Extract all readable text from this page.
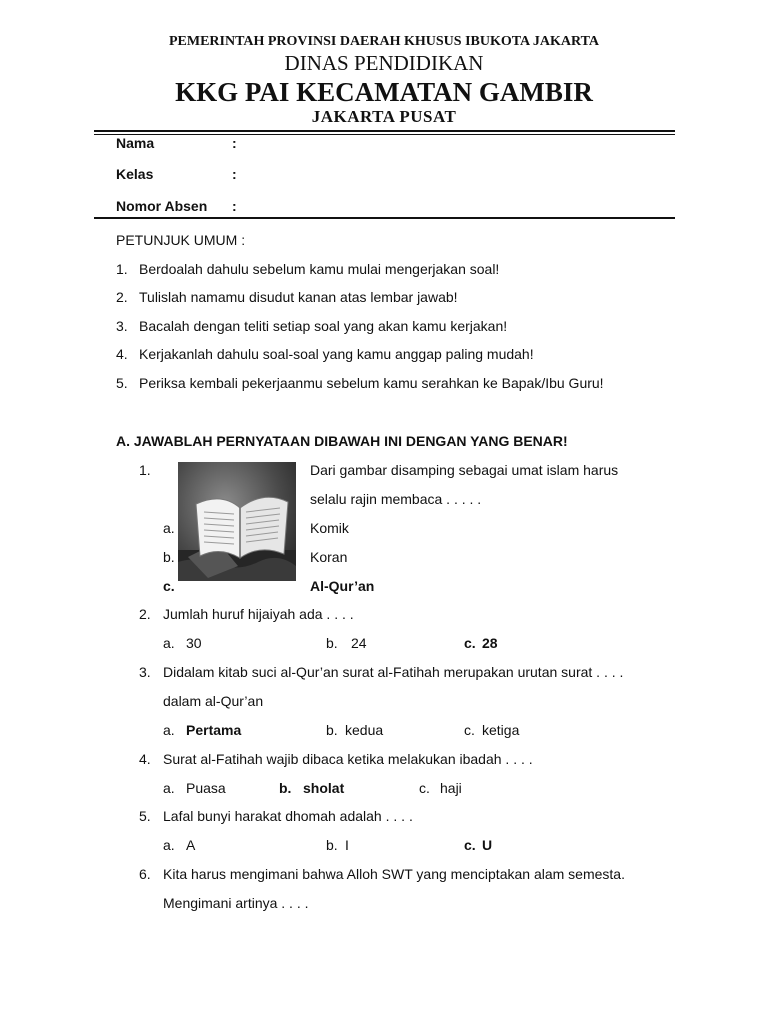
PEMERINTAH PROVINSI DAERAH KHUSUS IBUKOTA JAKARTA
DINAS PENDIDIKAN
KKG PAI KECAMATAN GAMBIR
JAKARTA PUSAT
Nama	:
Kelas	:
Nomor Absen :
PETUNJUK UMUM :
1. Berdoalah dahulu sebelum kamu mulai mengerjakan soal!
2. Tulislah namamu disudut kanan atas lembar jawab!
3. Bacalah dengan teliti setiap soal yang akan kamu kerjakan!
4. Kerjakanlah dahulu soal-soal yang kamu anggap paling mudah!
5. Periksa kembali pekerjaanmu sebelum kamu serahkan ke Bapak/Ibu Guru!
A. JAWABLAH PERNYATAAN DIBAWAH INI DENGAN YANG BENAR!
1.	Dari gambar disamping sebagai umat islam harus
selalu rajin membaca . . . . .
a.	Komik
b.	Koran
c.	Al-Qur’an
2. Jumlah huruf hijaiyah ada . . . .
a. 30	b. 24	c. 28
3. Didalam kitab suci al-Qur’an surat al-Fatihah merupakan urutan surat . . . .
dalam al-Qur’an
a. Pertama	b. kedua	c. ketiga
4. Surat al-Fatihah wajib dibaca ketika melakukan ibadah . . . .
a. Puasa	b. sholat	c. haji
5. Lafal bunyi harakat dhomah adalah . . . .
a. A	b. I	c. U
6. Kita harus mengimani bahwa Alloh SWT yang menciptakan alam semesta.
Mengimani artinya . . . .
